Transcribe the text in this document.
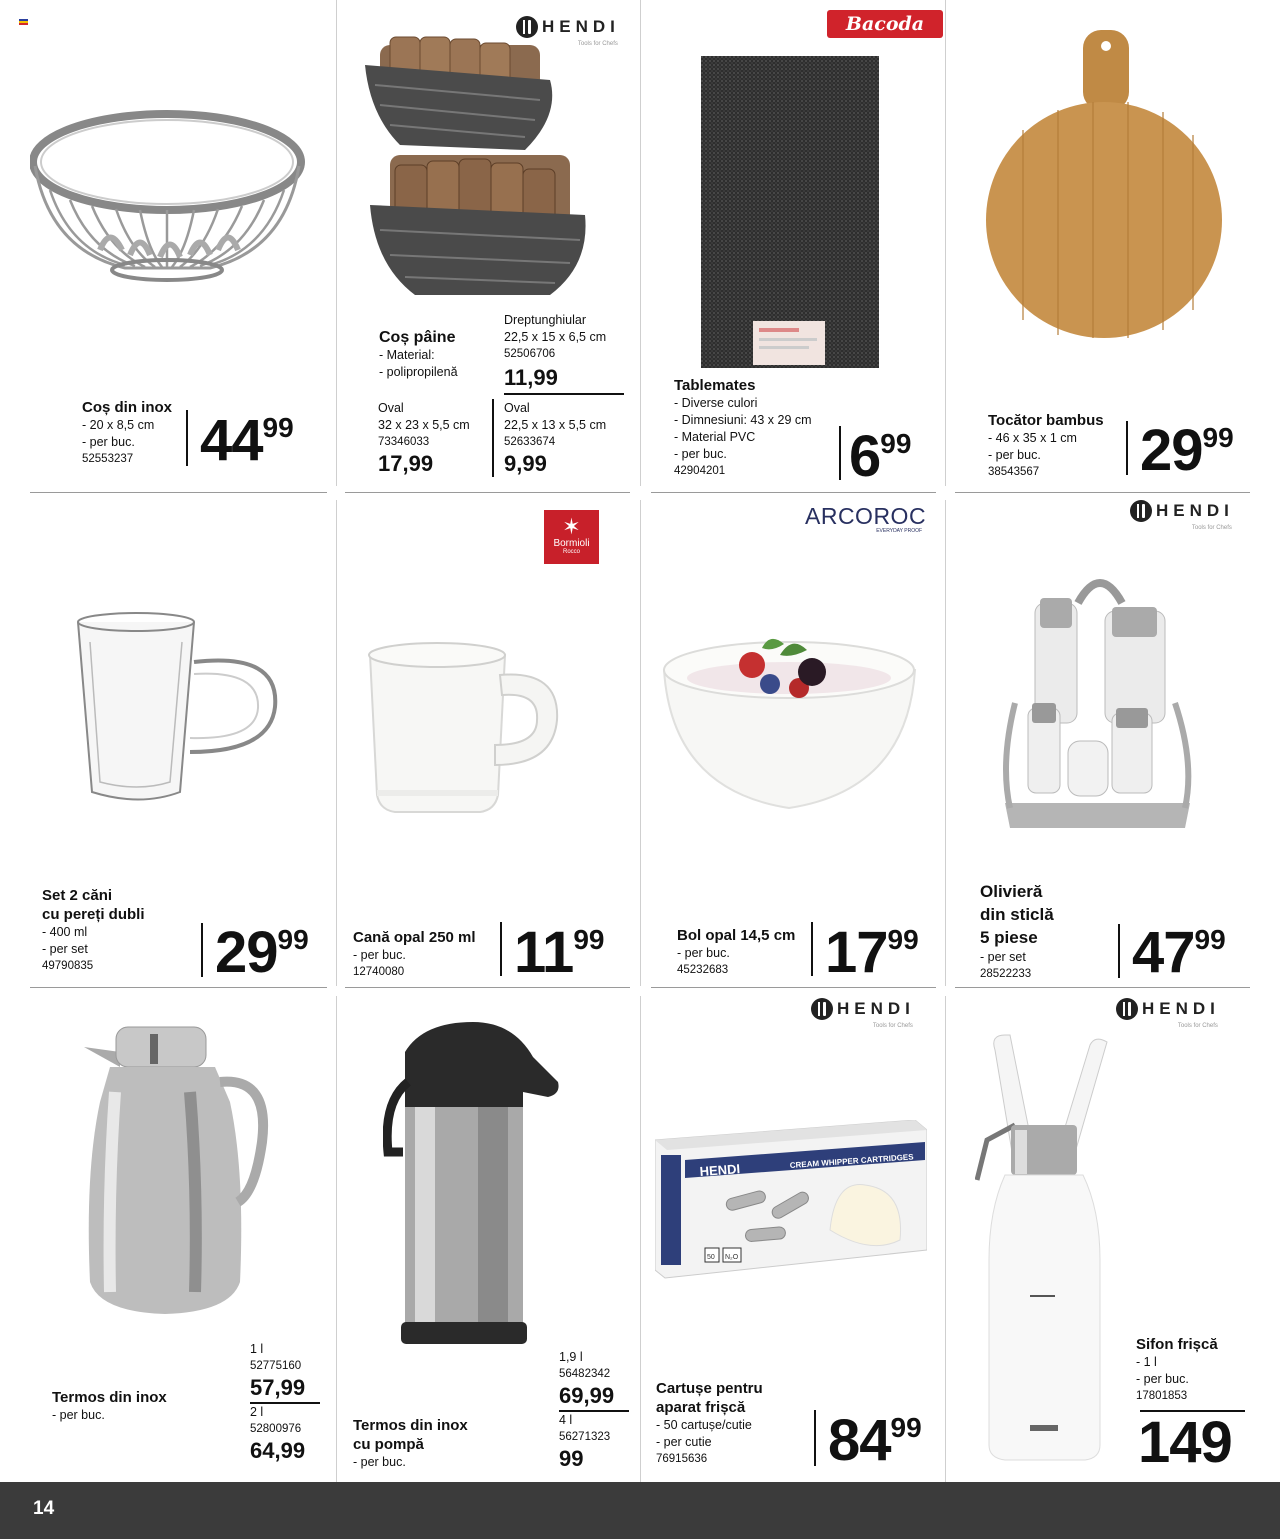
Coș din inox
- 20 x 8,5 cm
- per buc.
52553237	4499
HENDI
Tools for Chefs
Coș pâine
- Material:
- polipropilenă
Dreptunghiular
22,5 x 15 x 6,5 cm
52506706
11,99
Oval
32 x 23 x 5,5 cm
73346033
17,99
Oval
22,5 x 13 x 5,5 cm
52633674
9,99
Bacoda
Tablemates
- Diverse culori
- Dimnesiuni: 43 x 29 cm
- Material PVC
- per buc.
42904201	699
Tocător bambus
- 46 x 35 x 1 cm
- per buc.
38543567	2999
Set 2 căni
cu pereți dubli
- 400 ml
- per set
49790835	2999
✶
Bormioli
Rocco
Cană opal 250 ml
- per buc.
12740080	1199
ARCOROC
EVERYDAY PROOF
Bol opal 14,5 cm
- per buc.
45232683	1799
HENDI
Tools for Chefs
Olivieră
din sticlă
5 piese
- per set
28522233	4799
Termos din inox
- per buc.
1 l
52775160
57,99
2 l
52800976
64,99
Termos din inox
cu pompă
- per buc.
1,9 l
56482342
69,99
4 l
56271323
99
HENDI
Tools for Chefs
HENDI
CREAM WHIPPER CARTRIDGES
50 N₂O
Cartușe pentru
aparat frișcă
- 50 cartușe/cutie
- per cutie
76915636	8499
HENDI
Tools for Chefs
Sifon frișcă
- 1 l
- per buc.
17801853
149
14
